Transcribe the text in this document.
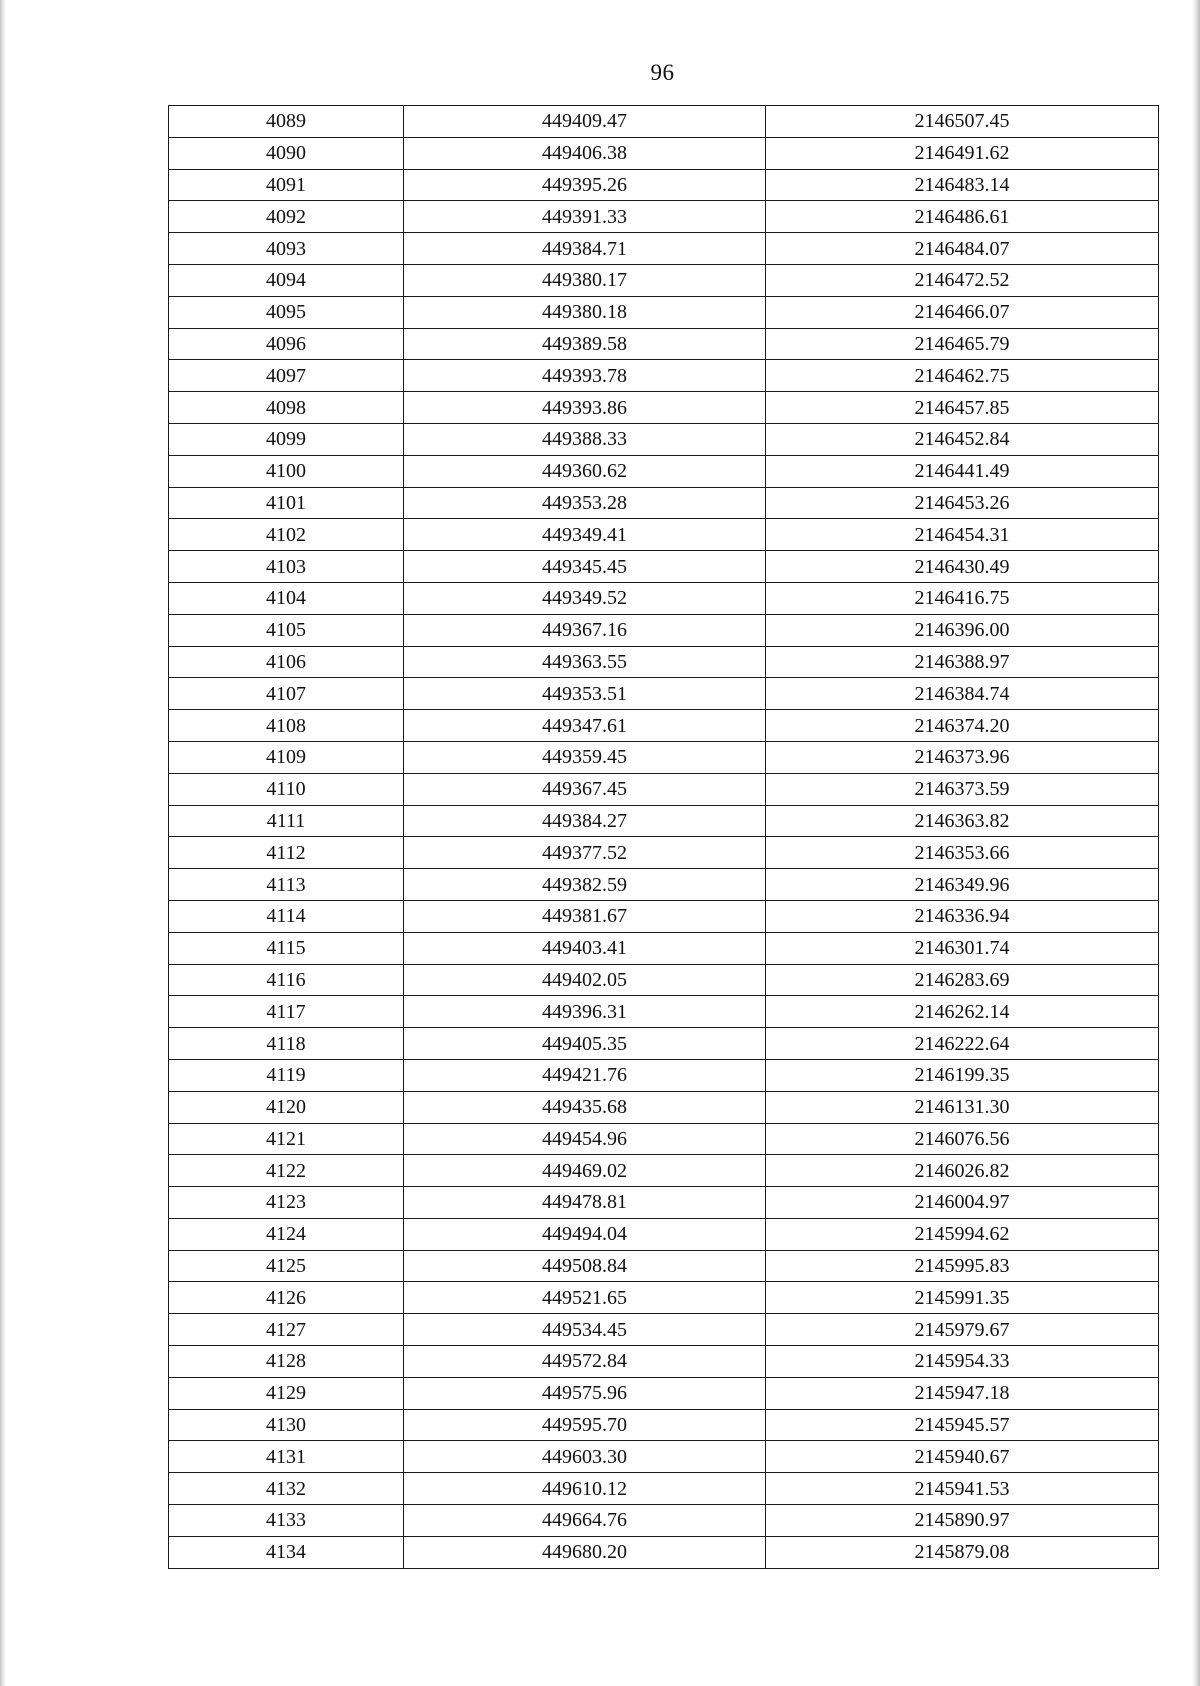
96
4089	449409.47	2146507.45
4090	449406.38	2146491.62
4091	449395.26	2146483.14
4092	449391.33	2146486.61
4093	449384.71	2146484.07
4094	449380.17	2146472.52
4095	449380.18	2146466.07
4096	449389.58	2146465.79
4097	449393.78	2146462.75
4098	449393.86	2146457.85
4099	449388.33	2146452.84
4100	449360.62	2146441.49
4101	449353.28	2146453.26
4102	449349.41	2146454.31
4103	449345.45	2146430.49
4104	449349.52	2146416.75
4105	449367.16	2146396.00
4106	449363.55	2146388.97
4107	449353.51	2146384.74
4108	449347.61	2146374.20
4109	449359.45	2146373.96
4110	449367.45	2146373.59
4111	449384.27	2146363.82
4112	449377.52	2146353.66
4113	449382.59	2146349.96
4114	449381.67	2146336.94
4115	449403.41	2146301.74
4116	449402.05	2146283.69
4117	449396.31	2146262.14
4118	449405.35	2146222.64
4119	449421.76	2146199.35
4120	449435.68	2146131.30
4121	449454.96	2146076.56
4122	449469.02	2146026.82
4123	449478.81	2146004.97
4124	449494.04	2145994.62
4125	449508.84	2145995.83
4126	449521.65	2145991.35
4127	449534.45	2145979.67
4128	449572.84	2145954.33
4129	449575.96	2145947.18
4130	449595.70	2145945.57
4131	449603.30	2145940.67
4132	449610.12	2145941.53
4133	449664.76	2145890.97
4134	449680.20	2145879.08
